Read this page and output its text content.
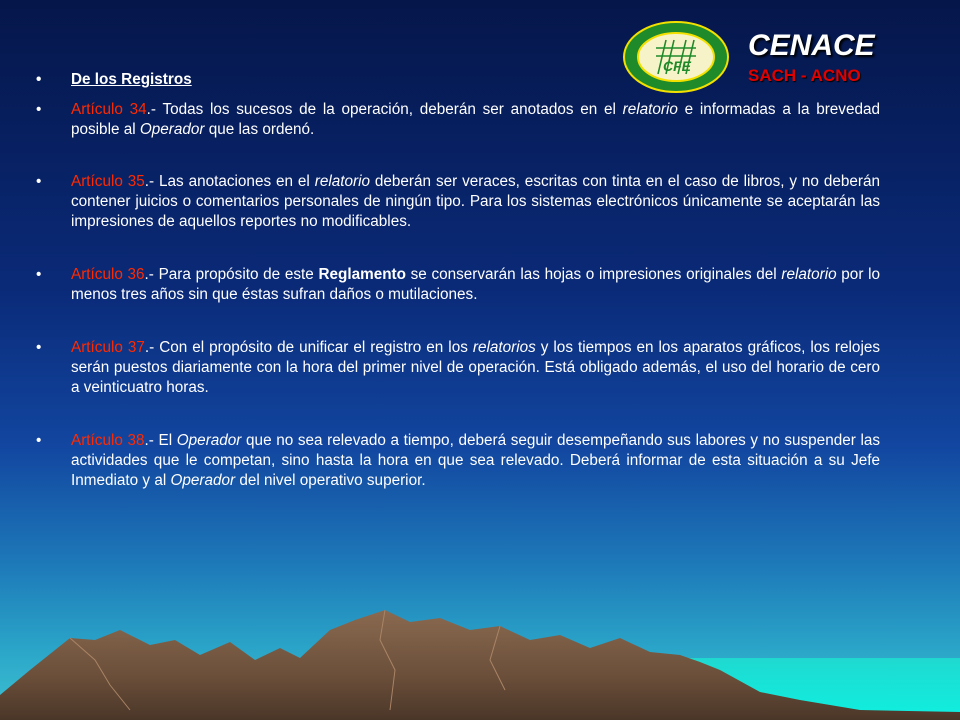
CFE
CENACE
SACH - ACNO

• De los Registros

• Artículo 34.- Todas los sucesos de la operación, deberán ser anotados en el relatorio e informadas a la brevedad posible al Operador que las ordenó.

• Artículo 35.- Las anotaciones en el relatorio deberán ser veraces, escritas con tinta en el caso de libros, y no deberán contener juicios o comentarios personales de ningún tipo. Para los sistemas electrónicos únicamente se aceptarán las impresiones de aquellos reportes no modificables.

• Artículo 36.- Para propósito de este Reglamento se conservarán las hojas o impresiones originales del relatorio por lo menos tres años sin que éstas sufran daños o mutilaciones.

• Artículo 37.- Con el propósito de unificar el registro en los relatorios y los tiempos en los aparatos gráficos, los relojes serán puestos diariamente con la hora del primer nivel de operación. Está obligado además, el uso del horario de cero a veinticuatro horas.

• Artículo 38.- El Operador que no sea relevado a tiempo, deberá seguir desempeñando sus labores y no suspender las actividades que le competan, sino hasta la hora en que sea relevado. Deberá informar de esta situación a su Jefe Inmediato y al Operador del nivel operativo superior.
